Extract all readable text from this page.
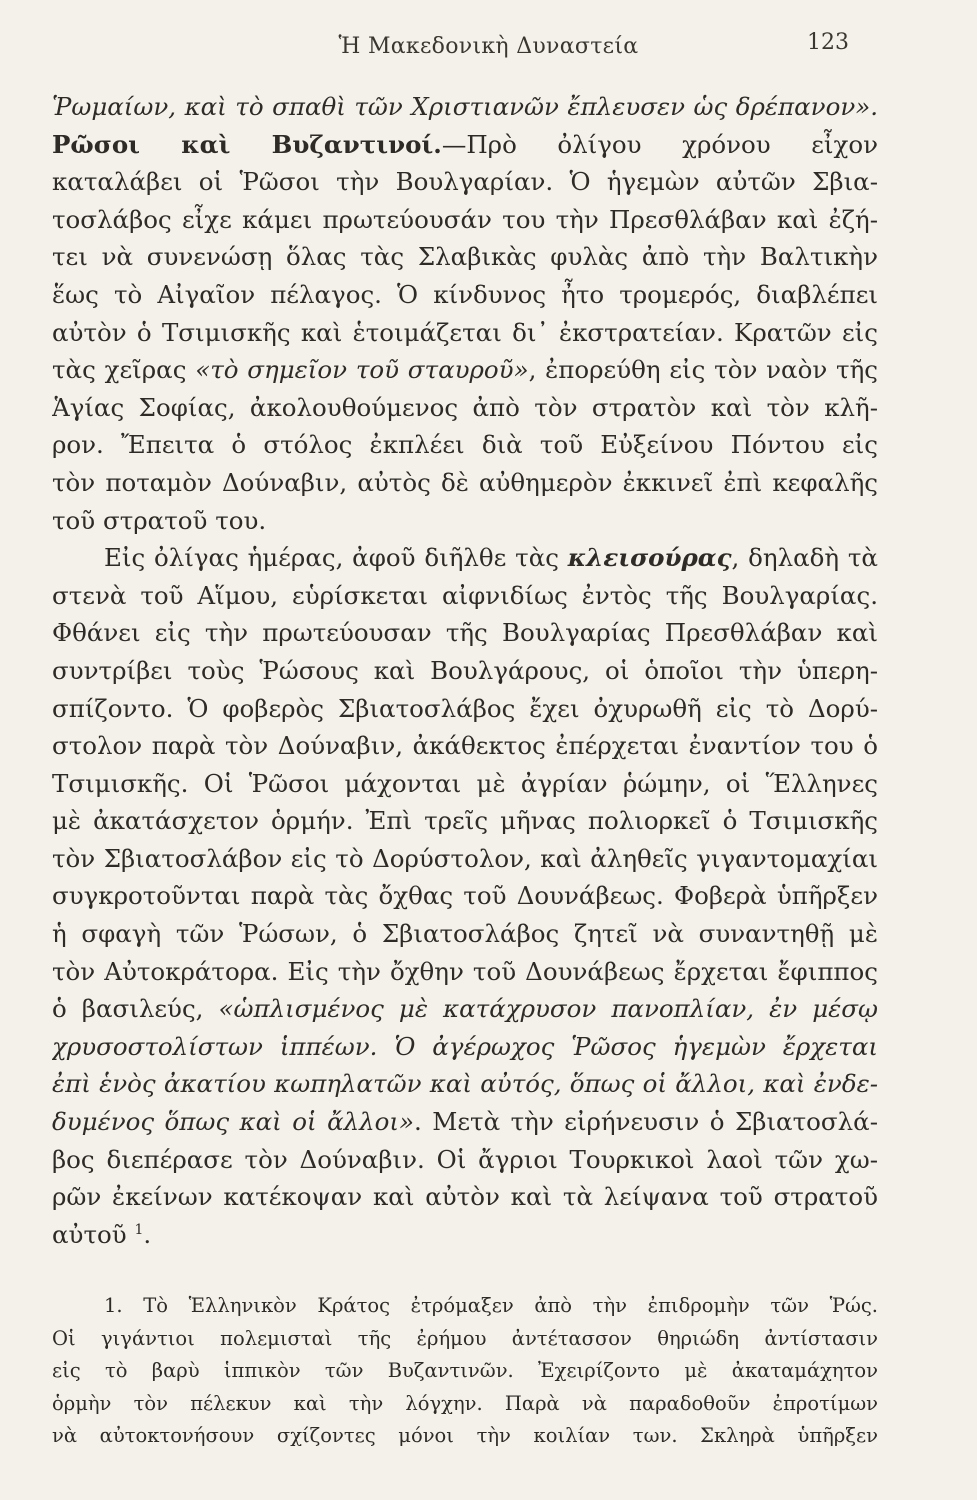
Ἡ Μακεδονικὴ Δυναστεία	123
Ῥωμαίων, καὶ τὸ σπαθὶ τῶν Χριστιανῶν ἔπλευσεν ὡς δρέπανον».
Ρῶσοι καὶ Βυζαντινοί.—Πρὸ ὀλίγου χρόνου εἶχον
καταλάβει οἱ Ῥῶσοι τὴν Βουλγαρίαν. Ὁ ἡγεμὼν αὐτῶν Σβια-
τοσλάβος εἶχε κάμει πρωτεύουσάν του τὴν Πρεσθλάβαν καὶ ἐζή-
τει νὰ συνενώσῃ ὅλας τὰς Σλαβικὰς φυλὰς ἀπὸ τὴν Βαλτικὴν
ἕως τὸ Αἰγαῖον πέλαγος. Ὁ κίνδυνος ἦτο τρομερός, διαβλέπει
αὐτὸν ὁ Τσιμισκῆς καὶ ἑτοιμάζεται δι᾽ ἐκστρατείαν. Κρατῶν εἰς
τὰς χεῖρας «τὸ σημεῖον τοῦ σταυροῦ», ἐπορεύθη εἰς τὸν ναὸν τῆς
Ἁγίας Σοφίας, ἀκολουθούμενος ἀπὸ τὸν στρατὸν καὶ τὸν κλῆ-
ρον. Ἔπειτα ὁ στόλος ἐκπλέει διὰ τοῦ Εὐξείνου Πόντου εἰς
τὸν ποταμὸν Δούναβιν, αὐτὸς δὲ αὐθημερὸν ἐκκινεῖ ἐπὶ κεφαλῆς
τοῦ στρατοῦ του.
Εἰς ὀλίγας ἡμέρας, ἀφοῦ διῆλθε τὰς κλεισούρας, δηλαδὴ τὰ
στενὰ τοῦ Αἵμου, εὑρίσκεται αἰφνιδίως ἐντὸς τῆς Βουλγαρίας.
Φθάνει εἰς τὴν πρωτεύουσαν τῆς Βουλγαρίας Πρεσθλάβαν καὶ
συντρίβει τοὺς Ῥώσους καὶ Βουλγάρους, οἱ ὁποῖοι τὴν ὑπερη-
σπίζοντο. Ὁ φοβερὸς Σβιατοσλάβος ἔχει ὀχυρωθῆ εἰς τὸ Δορύ-
στολον παρὰ τὸν Δούναβιν, ἀκάθεκτος ἐπέρχεται ἐναντίον του ὁ
Τσιμισκῆς. Οἱ Ῥῶσοι μάχονται μὲ ἀγρίαν ῥώμην, οἱ Ἕλληνες
μὲ ἀκατάσχετον ὁρμήν. Ἐπὶ τρεῖς μῆνας πολιορκεῖ ὁ Τσιμισκῆς
τὸν Σβιατοσλάβον εἰς τὸ Δορύστολον, καὶ ἀληθεῖς γιγαντομαχίαι
συγκροτοῦνται παρὰ τὰς ὄχθας τοῦ Δουνάβεως. Φοβερὰ ὑπῆρξεν
ἡ σφαγὴ τῶν Ῥώσων, ὁ Σβιατοσλάβος ζητεῖ νὰ συναντηθῇ μὲ
τὸν Αὐτοκράτορα. Εἰς τὴν ὄχθην τοῦ Δουνάβεως ἔρχεται ἔφιππος
ὁ βασιλεύς, «ὡπλισμένος μὲ κατάχρυσον πανοπλίαν, ἐν μέσῳ
χρυσοστολίστων ἱππέων. Ὁ ἀγέρωχος Ῥῶσος ἡγεμὼν ἔρχεται
ἐπὶ ἑνὸς ἀκατίου κωπηλατῶν καὶ αὐτός, ὅπως οἱ ἄλλοι, καὶ ἐνδε-
δυμένος ὅπως καὶ οἱ ἄλλοι». Μετὰ τὴν εἰρήνευσιν ὁ Σβιατοσλά-
βος διεπέρασε τὸν Δούναβιν. Οἱ ἄγριοι Τουρκικοὶ λαοὶ τῶν χω-
ρῶν ἐκείνων κατέκοψαν καὶ αὐτὸν καὶ τὰ λείψανα τοῦ στρατοῦ
αὐτοῦ $^1$.
1. Τὸ Ἑλληνικὸν Κράτος ἐτρόμαξεν ἀπὸ τὴν ἐπιδρομὴν τῶν Ῥώς.
Οἱ γιγάντιοι πολεμισταὶ τῆς ἐρήμου ἀντέτασσον θηριώδη ἀντίστασιν
εἰς τὸ βαρὺ ἱππικὸν τῶν Βυζαντινῶν. Ἐχειρίζοντο μὲ ἀκαταμάχητον
ὁρμὴν τὸν πέλεκυν καὶ τὴν λόγχην. Παρὰ νὰ παραδοθοῦν ἐπροτίμων
νὰ αὐτοκτονήσουν σχίζοντες μόνοι τὴν κοιλίαν των. Σκληρὰ ὑπῆρξεν
